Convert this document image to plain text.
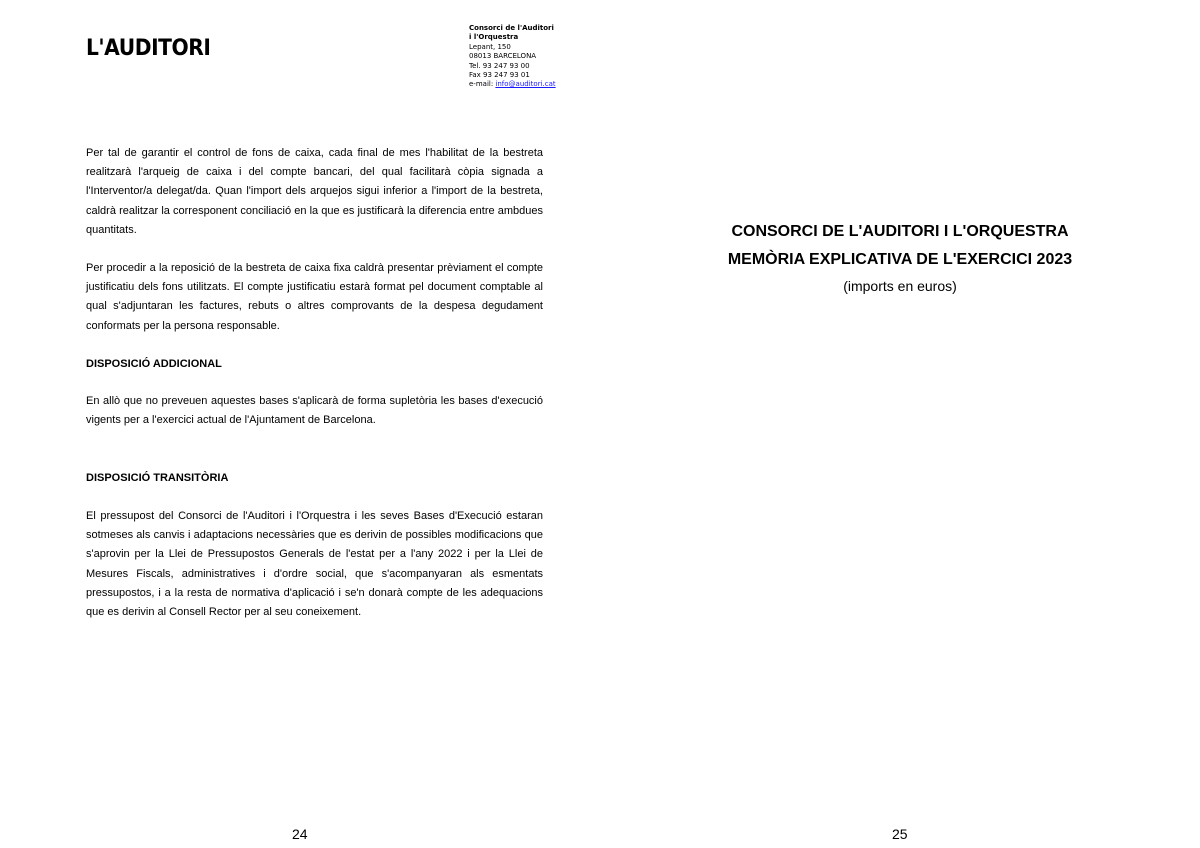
L'AUDITORI
Consorci de l'Auditori
i l'Orquestra
Lepant, 150
08013 BARCELONA
Tel. 93 247 93 00
Fax 93 247 93 01
e-mail: info@auditori.cat

Per tal de garantir el control de fons de caixa, cada final de mes l'habilitat de la bestreta realitzarà l'arqueig de caixa i del compte bancari, del qual facilitarà còpia signada a l'Interventor/a delegat/da. Quan l'import dels arquejos sigui inferior a l'import de la bestreta, caldrà realitzar la corresponent conciliació en la que es justificarà la diferencia entre ambdues quantitats.

Per procedir a la reposició de la bestreta de caixa fixa caldrà presentar prèviament el compte justificatiu dels fons utilitzats. El compte justificatiu estarà format pel document comptable al qual s'adjuntaran les factures, rebuts o altres comprovants de la despesa degudament conformats per la persona responsable.

DISPOSICIÓ ADDICIONAL

En allò que no preveuen aquestes bases s'aplicarà de forma supletòria les bases d'execució vigents per a l'exercici actual de l'Ajuntament de Barcelona.

DISPOSICIÓ TRANSITÒRIA

El pressupost del Consorci de l'Auditori i l'Orquestra i les seves Bases d'Execució estaran sotmeses als canvis i adaptacions necessàries que es derivin de possibles modificacions que s'aprovin per la Llei de Pressupostos Generals de l'estat per a l'any 2022 i per la Llei de Mesures Fiscals, administratives i d'ordre social, que s'acompanyaran als esmentats pressupostos, i a la resta de normativa d'aplicació i se'n donarà compte de les adequacions que es derivin al Consell Rector per al seu coneixement.

24
CONSORCI DE L'AUDITORI I L'ORQUESTRA
MEMÒRIA EXPLICATIVA DE L'EXERCICI 2023
(imports en euros)
25
